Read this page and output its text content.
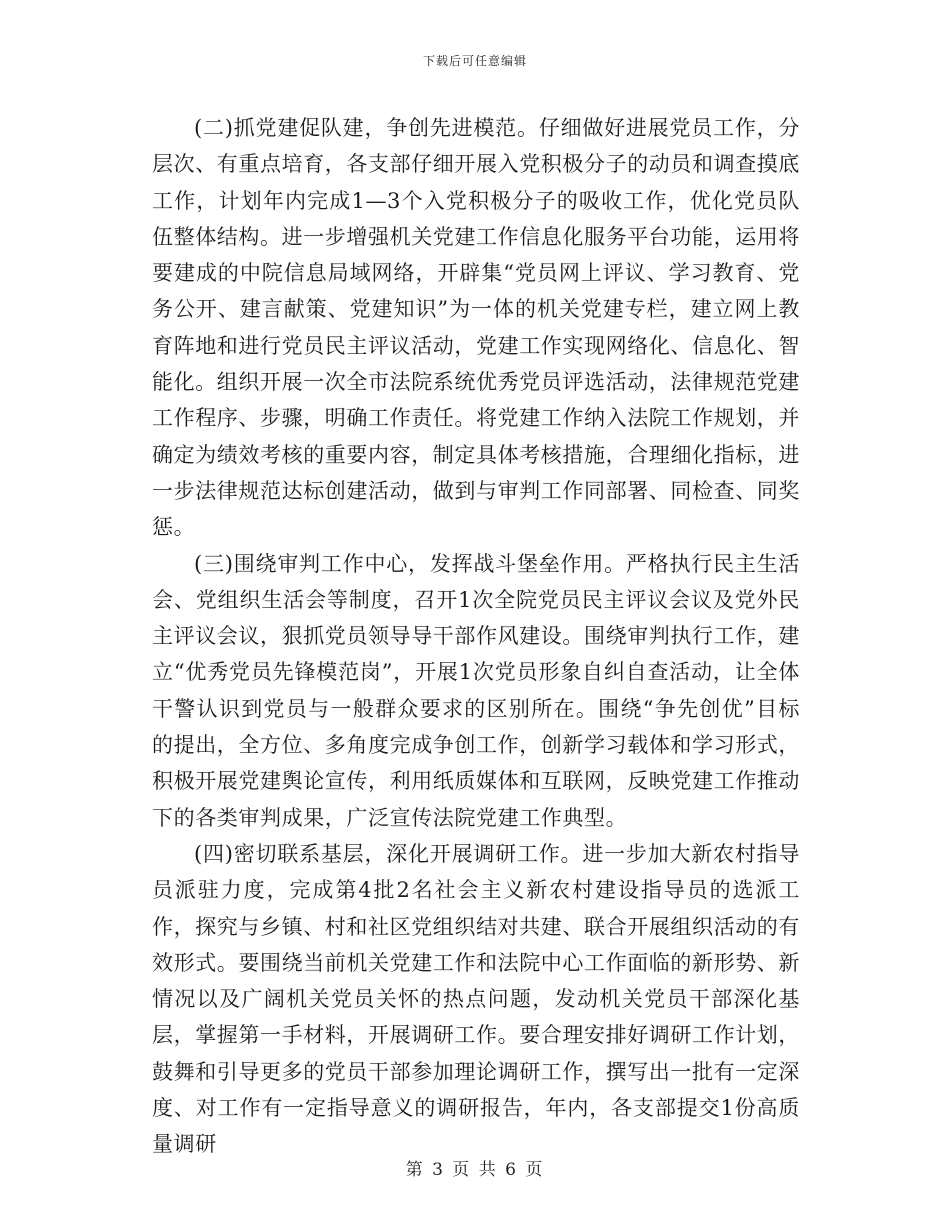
下载后可任意编辑

(二)抓党建促队建，争创先进模范。仔细做好进展党员工作，分层次、有重点培育，各支部仔细开展入党积极分子的动员和调查摸底工作，计划年内完成1—3个入党积极分子的吸收工作，优化党员队伍整体结构。进一步增强机关党建工作信息化服务平台功能，运用将要建成的中院信息局域网络，开辟集“党员网上评议、学习教育、党务公开、建言献策、党建知识”为一体的机关党建专栏，建立网上教育阵地和进行党员民主评议活动，党建工作实现网络化、信息化、智能化。组织开展一次全市法院系统优秀党员评选活动，法律规范党建工作程序、步骤，明确工作责任。将党建工作纳入法院工作规划，并确定为绩效考核的重要内容，制定具体考核措施，合理细化指标，进一步法律规范达标创建活动，做到与审判工作同部署、同检查、同奖惩。

(三)围绕审判工作中心，发挥战斗堡垒作用。严格执行民主生活会、党组织生活会等制度，召开1次全院党员民主评议会议及党外民主评议会议，狠抓党员领导导干部作风建设。围绕审判执行工作，建立“优秀党员先锋模范岗”，开展1次党员形象自纠自查活动，让全体干警认识到党员与一般群众要求的区别所在。围绕“争先创优”目标的提出，全方位、多角度完成争创工作，创新学习载体和学习形式，积极开展党建舆论宣传，利用纸质媒体和互联网，反映党建工作推动下的各类审判成果，广泛宣传法院党建工作典型。

(四)密切联系基层，深化开展调研工作。进一步加大新农村指导员派驻力度，完成第4批2名社会主义新农村建设指导员的选派工作，探究与乡镇、村和社区党组织结对共建、联合开展组织活动的有效形式。要围绕当前机关党建工作和法院中心工作面临的新形势、新情况以及广阔机关党员关怀的热点问题，发动机关党员干部深化基层，掌握第一手材料，开展调研工作。要合理安排好调研工作计划，鼓舞和引导更多的党员干部参加理论调研工作，撰写出一批有一定深度、对工作有一定指导意义的调研报告，年内，各支部提交1份高质量调研

第 3 页 共 6 页
